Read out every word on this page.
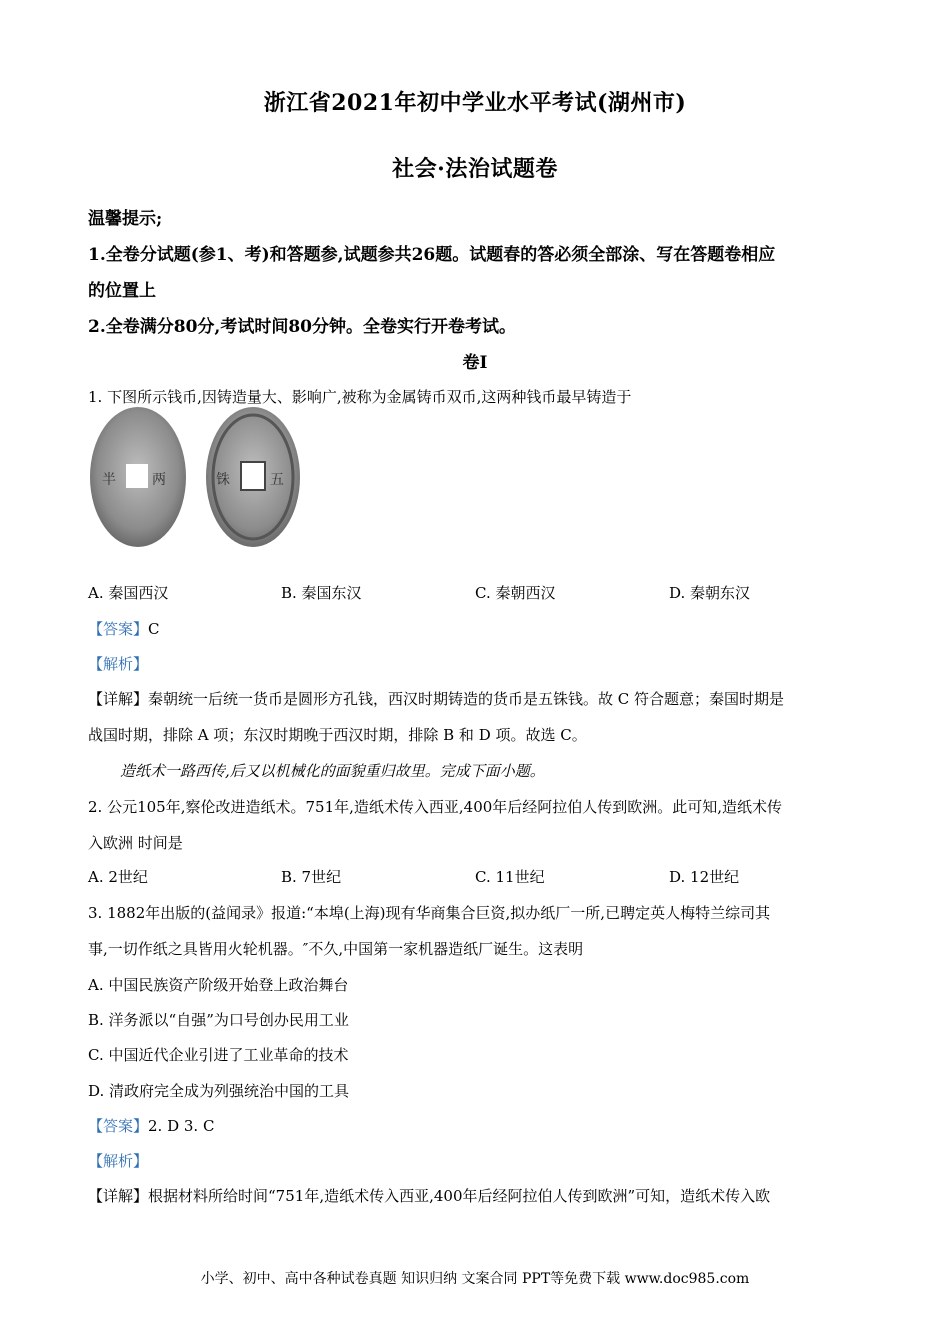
浙江省2021年初中学业水平考试(湖州市)
社会·法治试题卷
温馨提示;
1.全卷分试题(参1、考)和答题参,试题参共26题。试题春的答必须全部涂、写在答题卷相应
的位置上
2.全卷满分80分,考试时间80分钟。全卷实行开卷考试。
卷I
1. 下图所示钱币,因铸造量大、影响广,被称为金属铸币双币,这两种钱币最早铸造于
半	两	铢	五
A. 秦国西汉	B. 秦国东汉	C. 秦朝西汉	D. 秦朝东汉
【答案】C
【解析】
【详解】秦朝统一后统一货币是圆形方孔钱，西汉时期铸造的货币是五铢钱。故 C 符合题意；秦国时期是
战国时期，排除 A 项；东汉时期晚于西汉时期，排除 B 和 D 项。故选 C。
造纸术一路西传,后又以机械化的面貌重归故里。完成下面小题。
2. 公元105年,察伦改进造纸术。751年,造纸术传入西亚,400年后经阿拉伯人传到欧洲。此可知,造纸术传
入欧洲 时间是
A. 2世纪	B. 7世纪	C. 11世纪	D. 12世纪
3. 1882年出版的(益闻录》报道:“本埠(上海)现有华商集合巨资,拟办纸厂一所,已聘定英人梅特兰综司其
事,一切作纸之具皆用火轮机器。″不久,中国第一家机器造纸厂诞生。这表明
A. 中国民族资产阶级开始登上政治舞台
B. 洋务派以“自强”为口号创办民用工业
C. 中国近代企业引进了工业革命的技术
D. 清政府完全成为列强统治中国的工具
【答案】2. D 3. C
【解析】
【详解】根据材料所给时间“751年,造纸术传入西亚,400年后经阿拉伯人传到欧洲”可知，造纸术传入欧
小学、初中、高中各种试卷真题 知识归纳 文案合同 PPT等免费下载 www.doc985.com
